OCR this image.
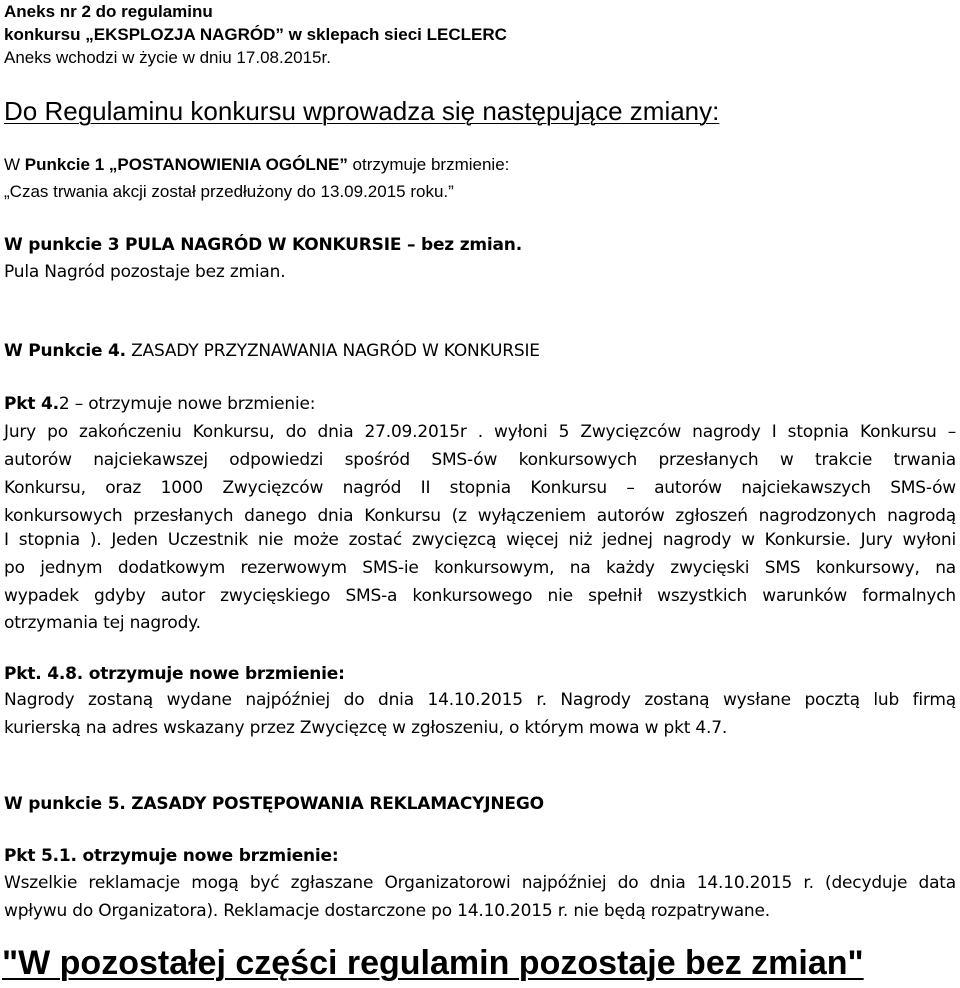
Aneks nr 2 do regulaminu
konkursu „EKSPLOZJA NAGRÓD” w sklepach sieci LECLERC
Aneks wchodzi w życie w dniu 17.08.2015r.
Do Regulaminu konkursu wprowadza się następujące zmiany:
W Punkcie 1 „POSTANOWIENIA OGÓLNE” otrzymuje brzmienie:
„Czas trwania akcji został przedłużony do 13.09.2015 roku.”
W punkcie 3 PULA NAGRÓD W KONKURSIE – bez zmian.
Pula Nagród pozostaje bez zmian.
W Punkcie 4. ZASADY PRZYZNAWANIA NAGRÓD W KONKURSIE
Pkt 4.2 – otrzymuje nowe brzmienie:
Jury po zakończeniu Konkursu, do dnia 27.09.2015r . wyłoni 5 Zwycięzców nagrody I stopnia Konkursu –
autorów najciekawszej odpowiedzi spośród SMS-ów konkursowych przesłanych w trakcie trwania
Konkursu, oraz 1000 Zwycięzców nagród II stopnia Konkursu – autorów najciekawszych SMS-ów
konkursowych przesłanych danego dnia Konkursu (z wyłączeniem autorów zgłoszeń nagrodzonych nagrodą
I stopnia ). Jeden Uczestnik nie może zostać zwycięzcą więcej niż jednej nagrody w Konkursie. Jury wyłoni
po jednym dodatkowym rezerwowym SMS-ie konkursowym, na każdy zwycięski SMS konkursowy, na
wypadek gdyby autor zwycięskiego SMS-a konkursowego nie spełnił wszystkich warunków formalnych
otrzymania tej nagrody.
Pkt. 4.8. otrzymuje nowe brzmienie:
Nagrody zostaną wydane najpóźniej do dnia 14.10.2015 r. Nagrody zostaną wysłane pocztą lub firmą
kurierską na adres wskazany przez Zwycięzcę w zgłoszeniu, o którym mowa w pkt 4.7.
W punkcie 5. ZASADY POSTĘPOWANIA REKLAMACYJNEGO
Pkt 5.1. otrzymuje nowe brzmienie:
Wszelkie reklamacje mogą być zgłaszane Organizatorowi najpóźniej do dnia 14.10.2015 r. (decyduje data
wpływu do Organizatora). Reklamacje dostarczone po 14.10.2015 r. nie będą rozpatrywane.
"W pozostałej części regulamin pozostaje bez zmian"
